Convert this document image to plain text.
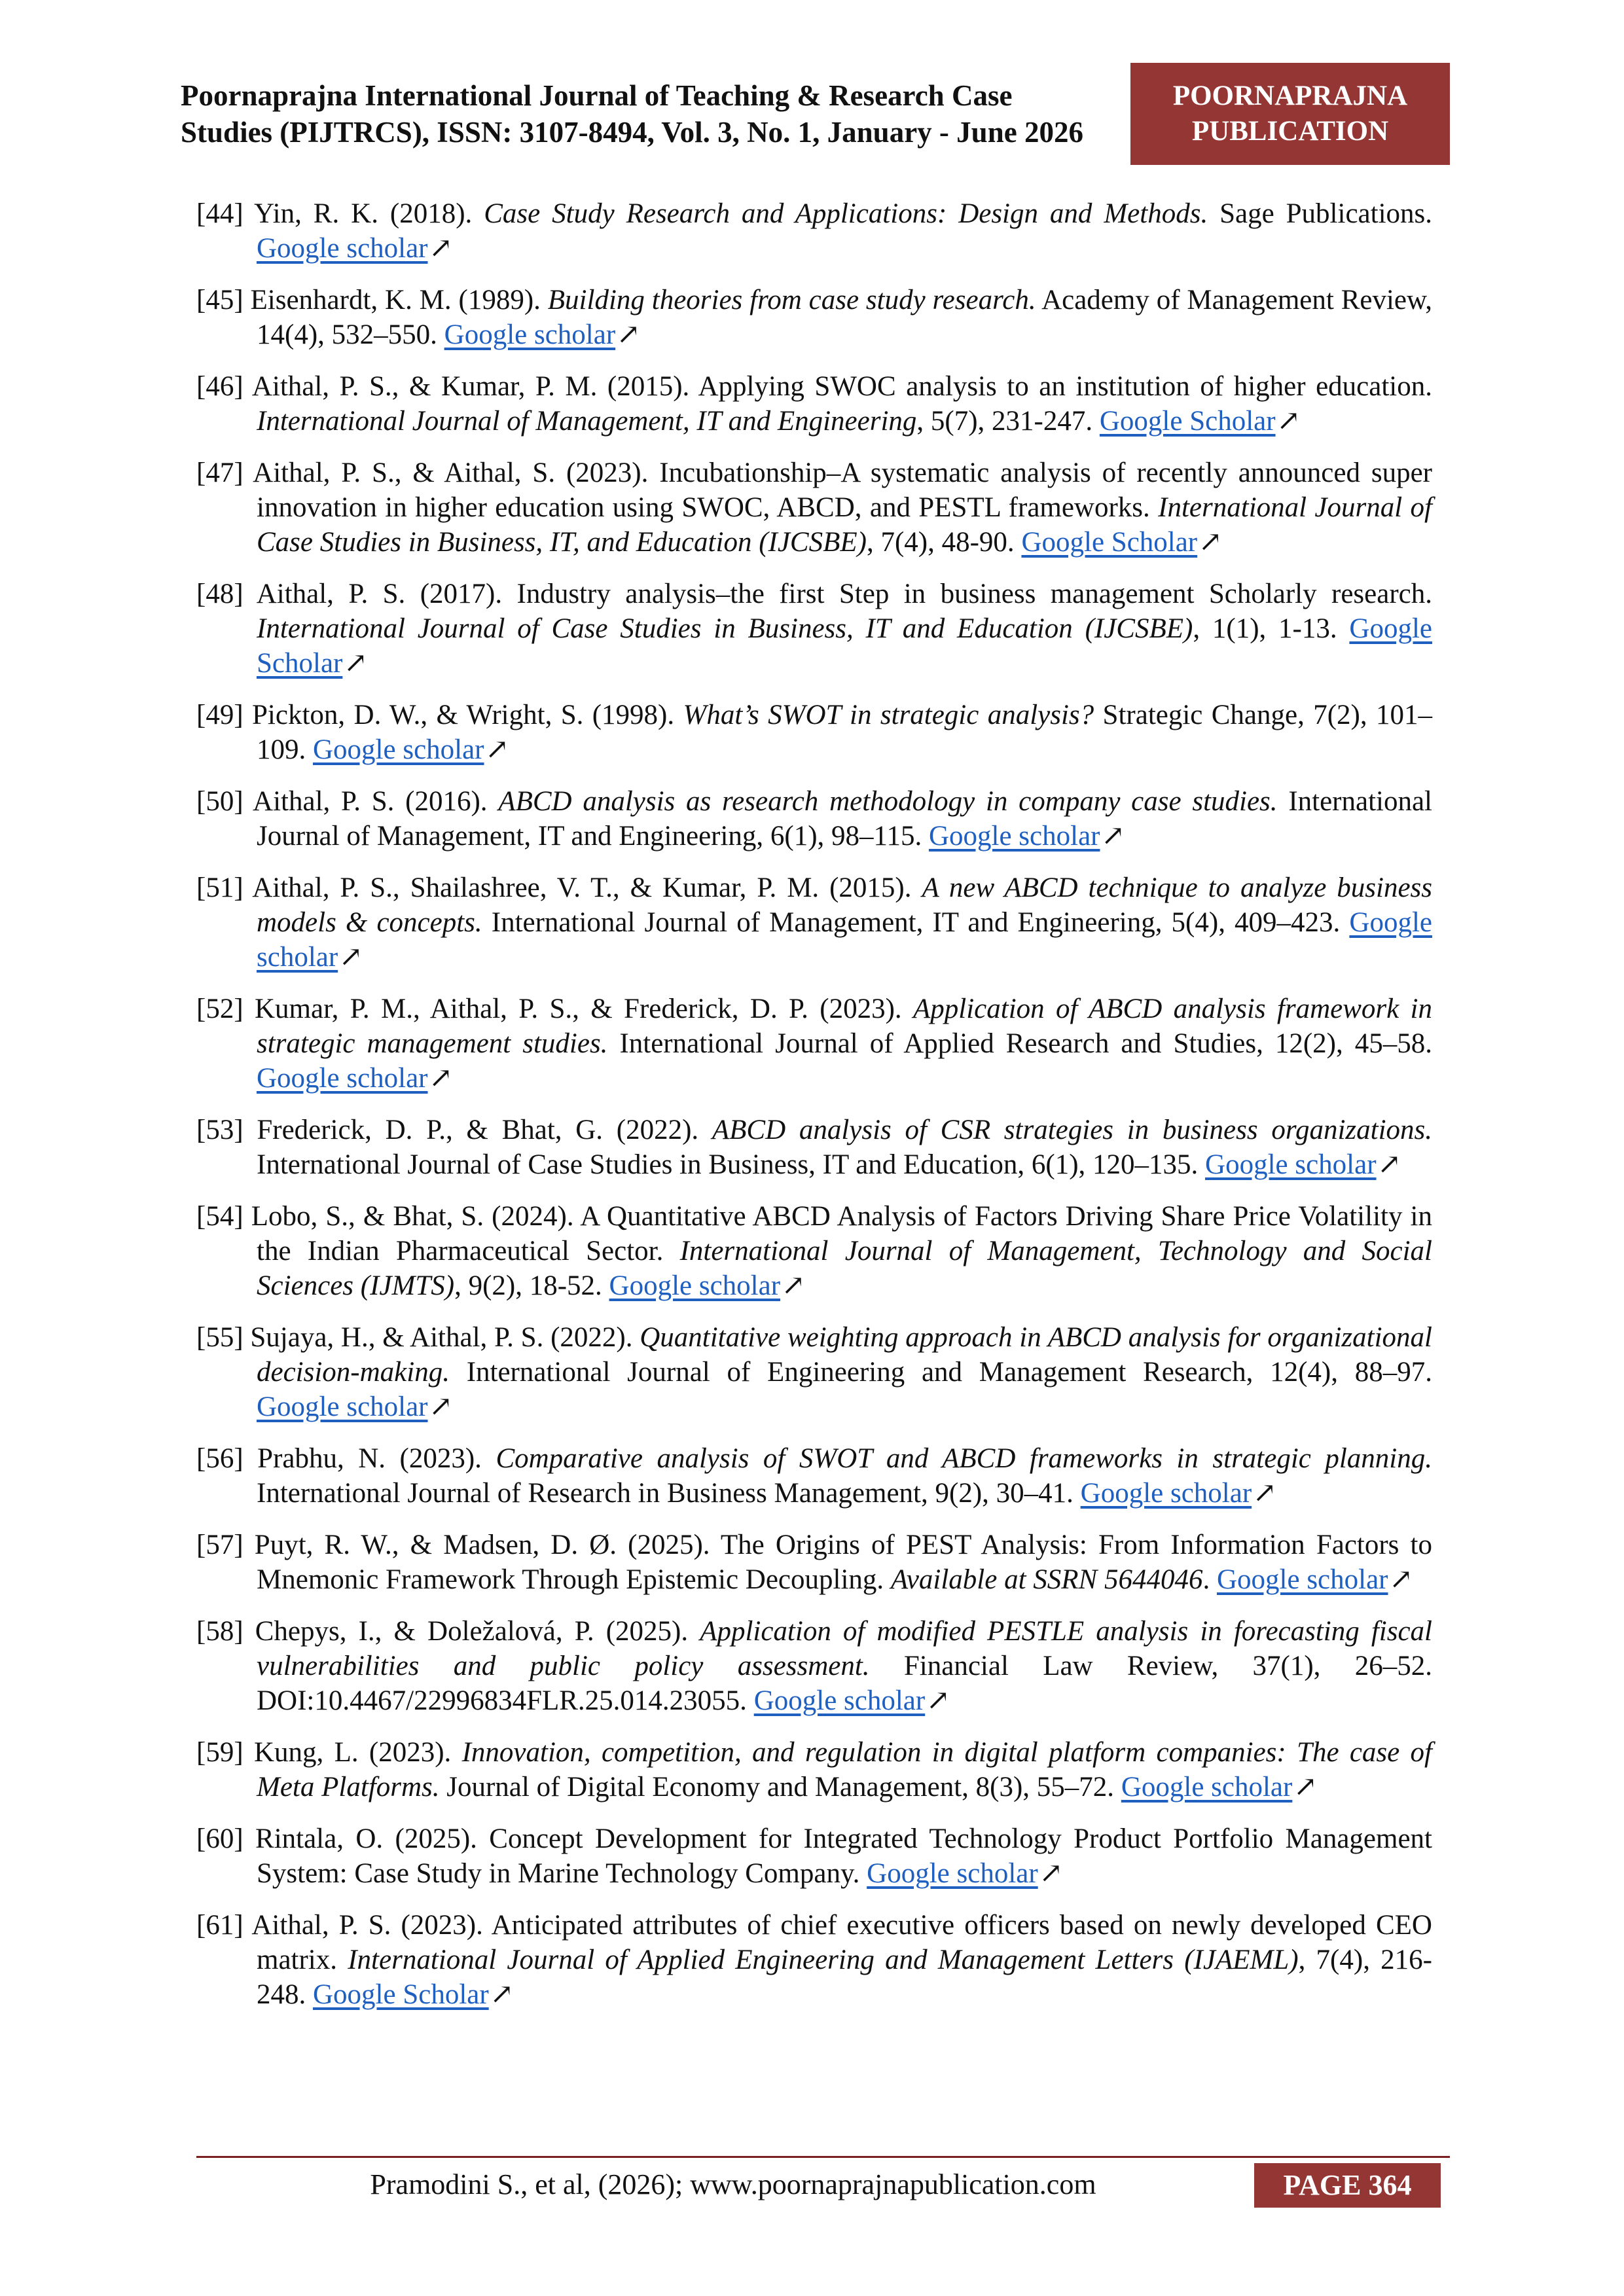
Poornaprajna International Journal of Teaching & Research Case
Studies (PIJTRCS), ISSN: 3107-8494, Vol. 3, No. 1, January - June 2026
POORNAPRAJNA
PUBLICATION

[44] Yin, R. K. (2018). Case Study Research and Applications: Design and Methods. Sage Publications. Google scholar↗

[45] Eisenhardt, K. M. (1989). Building theories from case study research. Academy of Management Review, 14(4), 532–550. Google scholar↗

[46] Aithal, P. S., & Kumar, P. M. (2015). Applying SWOC analysis to an institution of higher education. International Journal of Management, IT and Engineering, 5(7), 231-247. Google Scholar↗

[47] Aithal, P. S., & Aithal, S. (2023). Incubationship–A systematic analysis of recently announced super innovation in higher education using SWOC, ABCD, and PESTL frameworks. International Journal of Case Studies in Business, IT, and Education (IJCSBE), 7(4), 48-90. Google Scholar↗

[48] Aithal, P. S. (2017). Industry analysis–the first Step in business management Scholarly research. International Journal of Case Studies in Business, IT and Education (IJCSBE), 1(1), 1-13. Google Scholar↗

[49] Pickton, D. W., & Wright, S. (1998). What’s SWOT in strategic analysis? Strategic Change, 7(2), 101–109. Google scholar↗

[50] Aithal, P. S. (2016). ABCD analysis as research methodology in company case studies. International Journal of Management, IT and Engineering, 6(1), 98–115. Google scholar↗

[51] Aithal, P. S., Shailashree, V. T., & Kumar, P. M. (2015). A new ABCD technique to analyze business models & concepts. International Journal of Management, IT and Engineering, 5(4), 409–423. Google scholar↗

[52] Kumar, P. M., Aithal, P. S., & Frederick, D. P. (2023). Application of ABCD analysis framework in strategic management studies. International Journal of Applied Research and Studies, 12(2), 45–58. Google scholar↗

[53] Frederick, D. P., & Bhat, G. (2022). ABCD analysis of CSR strategies in business organizations. International Journal of Case Studies in Business, IT and Education, 6(1), 120–135. Google scholar↗

[54] Lobo, S., & Bhat, S. (2024). A Quantitative ABCD Analysis of Factors Driving Share Price Volatility in the Indian Pharmaceutical Sector. International Journal of Management, Technology and Social Sciences (IJMTS), 9(2), 18-52. Google scholar↗

[55] Sujaya, H., & Aithal, P. S. (2022). Quantitative weighting approach in ABCD analysis for organizational decision-making. International Journal of Engineering and Management Research, 12(4), 88–97. Google scholar↗

[56] Prabhu, N. (2023). Comparative analysis of SWOT and ABCD frameworks in strategic planning. International Journal of Research in Business Management, 9(2), 30–41. Google scholar↗

[57] Puyt, R. W., & Madsen, D. Ø. (2025). The Origins of PEST Analysis: From Information Factors to Mnemonic Framework Through Epistemic Decoupling. Available at SSRN 5644046. Google scholar↗

[58] Chepys, I., & Doležalová, P. (2025). Application of modified PESTLE analysis in forecasting fiscal vulnerabilities and public policy assessment. Financial Law Review, 37(1), 26–52. DOI:10.4467/22996834FLR.25.014.23055. Google scholar↗

[59] Kung, L. (2023). Innovation, competition, and regulation in digital platform companies: The case of Meta Platforms. Journal of Digital Economy and Management, 8(3), 55–72. Google scholar↗

[60] Rintala, O. (2025). Concept Development for Integrated Technology Product Portfolio Management System: Case Study in Marine Technology Company. Google scholar↗

[61] Aithal, P. S. (2023). Anticipated attributes of chief executive officers based on newly developed CEO matrix. International Journal of Applied Engineering and Management Letters (IJAEML), 7(4), 216-248. Google Scholar↗

Pramodini S., et al, (2026); www.poornaprajnapublication.com	PAGE 364
